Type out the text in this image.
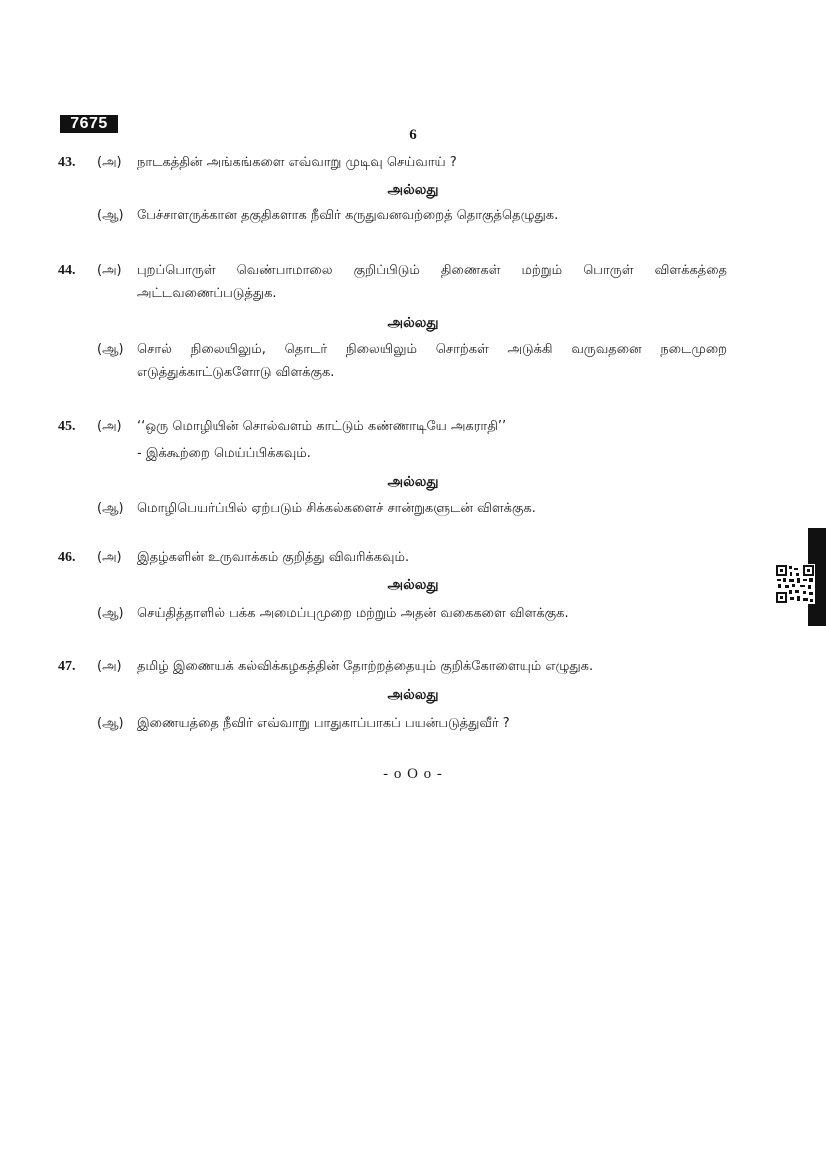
7675
6
43.	(அ) நாடகத்தின் அங்கங்களை எவ்வாறு முடிவு செய்வாய் ?
அல்லது
(ஆ) பேச்சாளருக்கான தகுதிகளாக நீவிர் கருதுவனவற்றைத் தொகுத்தெழுதுக.
44.	(அ) புறப்பொருள் வெண்பாமாலை குறிப்பிடும் திணைகள் மற்றும் பொருள் விளக்கத்தை அட்டவணைப்படுத்துக.
அல்லது
(ஆ) சொல் நிலையிலும், தொடர் நிலையிலும் சொற்கள் அடுக்கி வருவதனை நடைமுறை எடுத்துக்காட்டுகளோடு விளக்குக.
45.	(அ) ‘‘ஒரு மொழியின் சொல்வளம் காட்டும் கண்ணாடியே அகராதி’’
- இக்கூற்றை மெய்ப்பிக்கவும்.
அல்லது
(ஆ) மொழிபெயர்ப்பில் ஏற்படும் சிக்கல்களைச் சான்றுகளுடன் விளக்குக.
46.	(அ) இதழ்களின் உருவாக்கம் குறித்து விவரிக்கவும்.
அல்லது
(ஆ) செய்தித்தாளில் பக்க அமைப்புமுறை மற்றும் அதன் வகைகளை விளக்குக.
47.	(அ) தமிழ் இணையக் கல்விக்கழகத்தின் தோற்றத்தையும் குறிக்கோளையும் எழுதுக.
அல்லது
(ஆ) இணையத்தை நீவிர் எவ்வாறு பாதுகாப்பாகப் பயன்படுத்துவீர் ?
- o O o -
